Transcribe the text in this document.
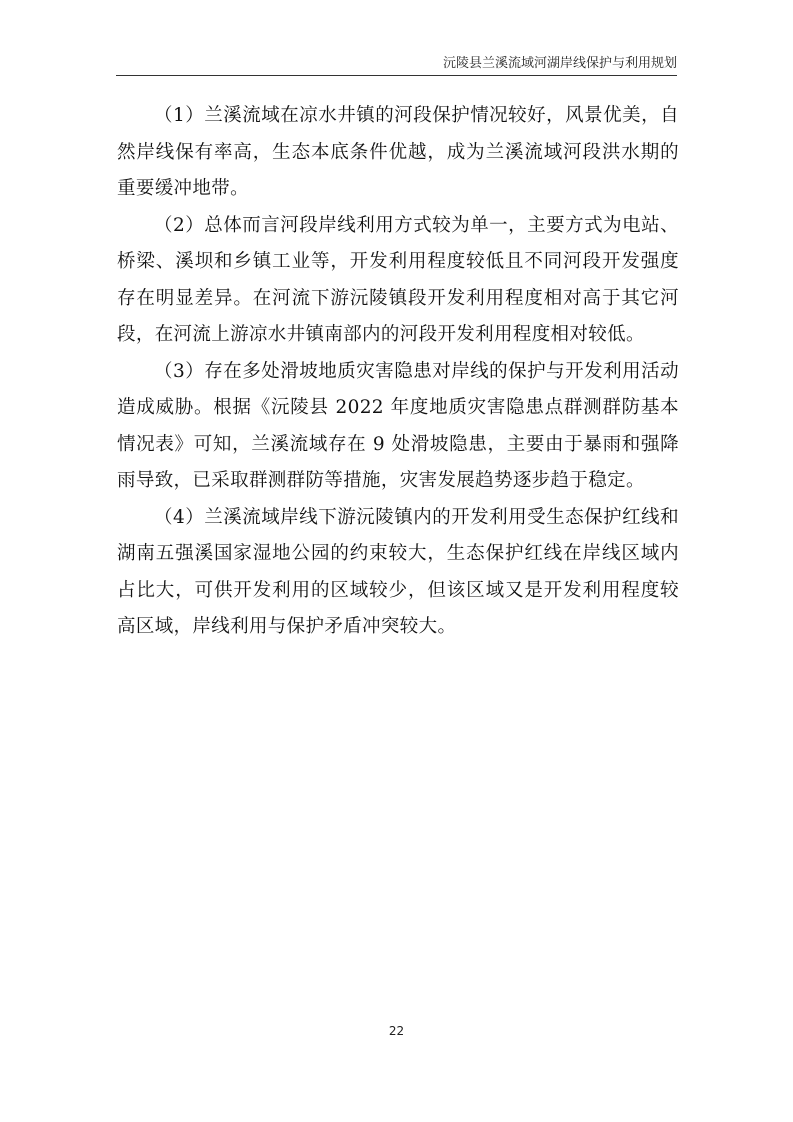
沅陵县兰溪流域河湖岸线保护与利用规划

（1）兰溪流域在凉水井镇的河段保护情况较好，风景优美，自然岸线保有率高，生态本底条件优越，成为兰溪流域河段洪水期的重要缓冲地带。

（2）总体而言河段岸线利用方式较为单一，主要方式为电站、桥梁、溪坝和乡镇工业等，开发利用程度较低且不同河段开发强度存在明显差异。在河流下游沅陵镇段开发利用程度相对高于其它河段，在河流上游凉水井镇南部内的河段开发利用程度相对较低。

（3）存在多处滑坡地质灾害隐患对岸线的保护与开发利用活动造成威胁。根据《沅陵县 2022 年度地质灾害隐患点群测群防基本情况表》可知，兰溪流域存在 9 处滑坡隐患，主要由于暴雨和强降雨导致，已采取群测群防等措施，灾害发展趋势逐步趋于稳定。

（4）兰溪流域岸线下游沅陵镇内的开发利用受生态保护红线和湖南五强溪国家湿地公园的约束较大，生态保护红线在岸线区域内占比大，可供开发利用的区域较少，但该区域又是开发利用程度较高区域，岸线利用与保护矛盾冲突较大。

22
